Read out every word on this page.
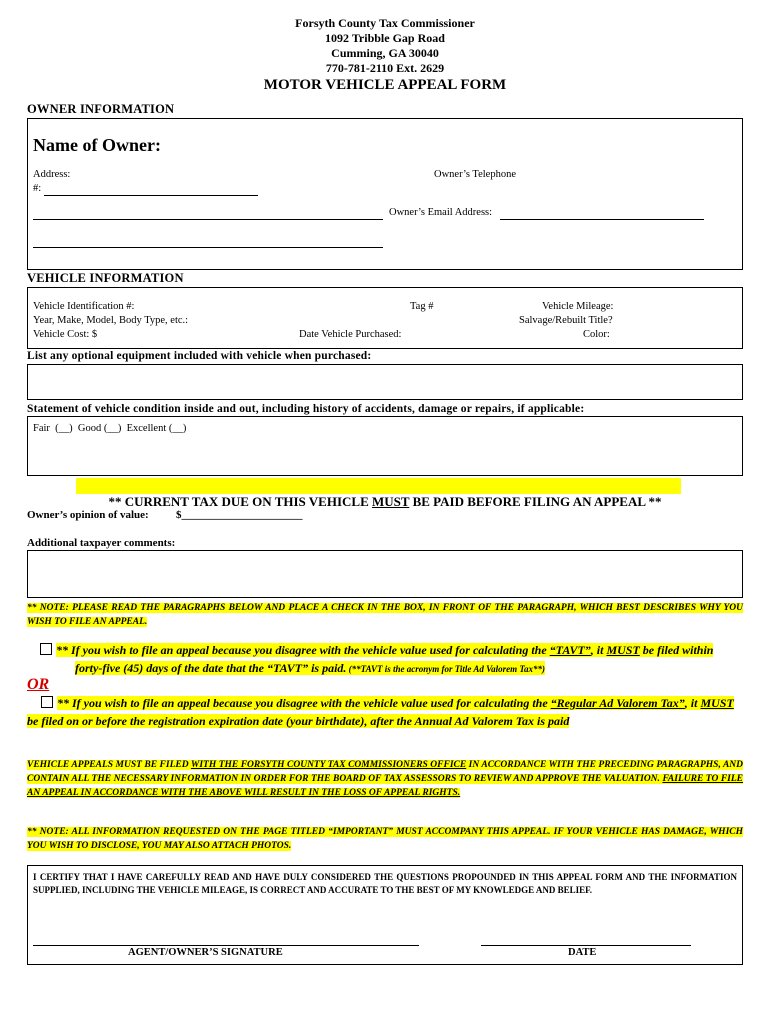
Forsyth County Tax Commissioner
1092 Tribble Gap Road
Cumming, GA 30040
770-781-2110 Ext. 2629
MOTOR VEHICLE APPEAL FORM
OWNER INFORMATION
Name of Owner:
Address:	Owner’s Telephone
#:
Owner’s Email Address:
VEHICLE INFORMATION
Vehicle Identification #:
Year, Make, Model, Body Type, etc.:
Vehicle Cost: $
Tag #
Date Vehicle Purchased:
Vehicle Mileage:
Salvage/Rebuilt Title?
Color:
List any optional equipment included with vehicle when purchased:
Statement of vehicle condition inside and out, including history of accidents, damage or repairs, if applicable:
Fair  (__)  Good (__)  Excellent (__)

** CURRENT TAX DUE ON THIS VEHICLE MUST BE PAID BEFORE FILING AN APPEAL **

Owner’s opinion of value: $______________________
Additional taxpayer comments:
** NOTE: PLEASE READ THE PARAGRAPHS BELOW AND PLACE A CHECK IN THE BOX, IN FRONT OF THE PARAGRAPH, WHICH BEST DESCRIBES WHY YOU WISH TO FILE AN APPEAL.
** If you wish to file an appeal because you disagree with the vehicle value used for calculating the “TAVT”, it MUST be filed within forty-five (45) days of the date that the “TAVT” is paid. (**TAVT is the acronym for Title Ad Valorem Tax**)
OR
** If you wish to file an appeal because you disagree with the vehicle value used for calculating the “Regular Ad Valorem Tax”, it MUST be filed on or before the registration expiration date (your birthdate), after the Annual Ad Valorem Tax is paid
VEHICLE APPEALS MUST BE FILED WITH THE FORSYTH COUNTY TAX COMMISSIONERS OFFICE IN ACCORDANCE WITH THE PRECEDING PARAGRAPHS, AND CONTAIN ALL THE NECESSARY INFORMATION IN ORDER FOR THE BOARD OF TAX ASSESSORS TO REVIEW AND APPROVE THE VALUATION. FAILURE TO FILE AN APPEAL IN ACCORDANCE WITH THE ABOVE WILL RESULT IN THE LOSS OF APPEAL RIGHTS.
** NOTE: ALL INFORMATION REQUESTED ON THE PAGE TITLED “IMPORTANT” MUST ACCOMPANY THIS APPEAL. IF YOUR VEHICLE HAS DAMAGE, WHICH YOU WISH TO DISCLOSE, YOU MAY ALSO ATTACH PHOTOS.
I CERTIFY THAT I HAVE CAREFULLY READ AND HAVE DULY CONSIDERED THE QUESTIONS PROPOUNDED IN THIS APPEAL FORM AND THE INFORMATION SUPPLIED, INCLUDING THE VEHICLE MILEAGE, IS CORRECT AND ACCURATE TO THE BEST OF MY KNOWLEDGE AND BELIEF.
AGENT/OWNER’S SIGNATURE	DATE
